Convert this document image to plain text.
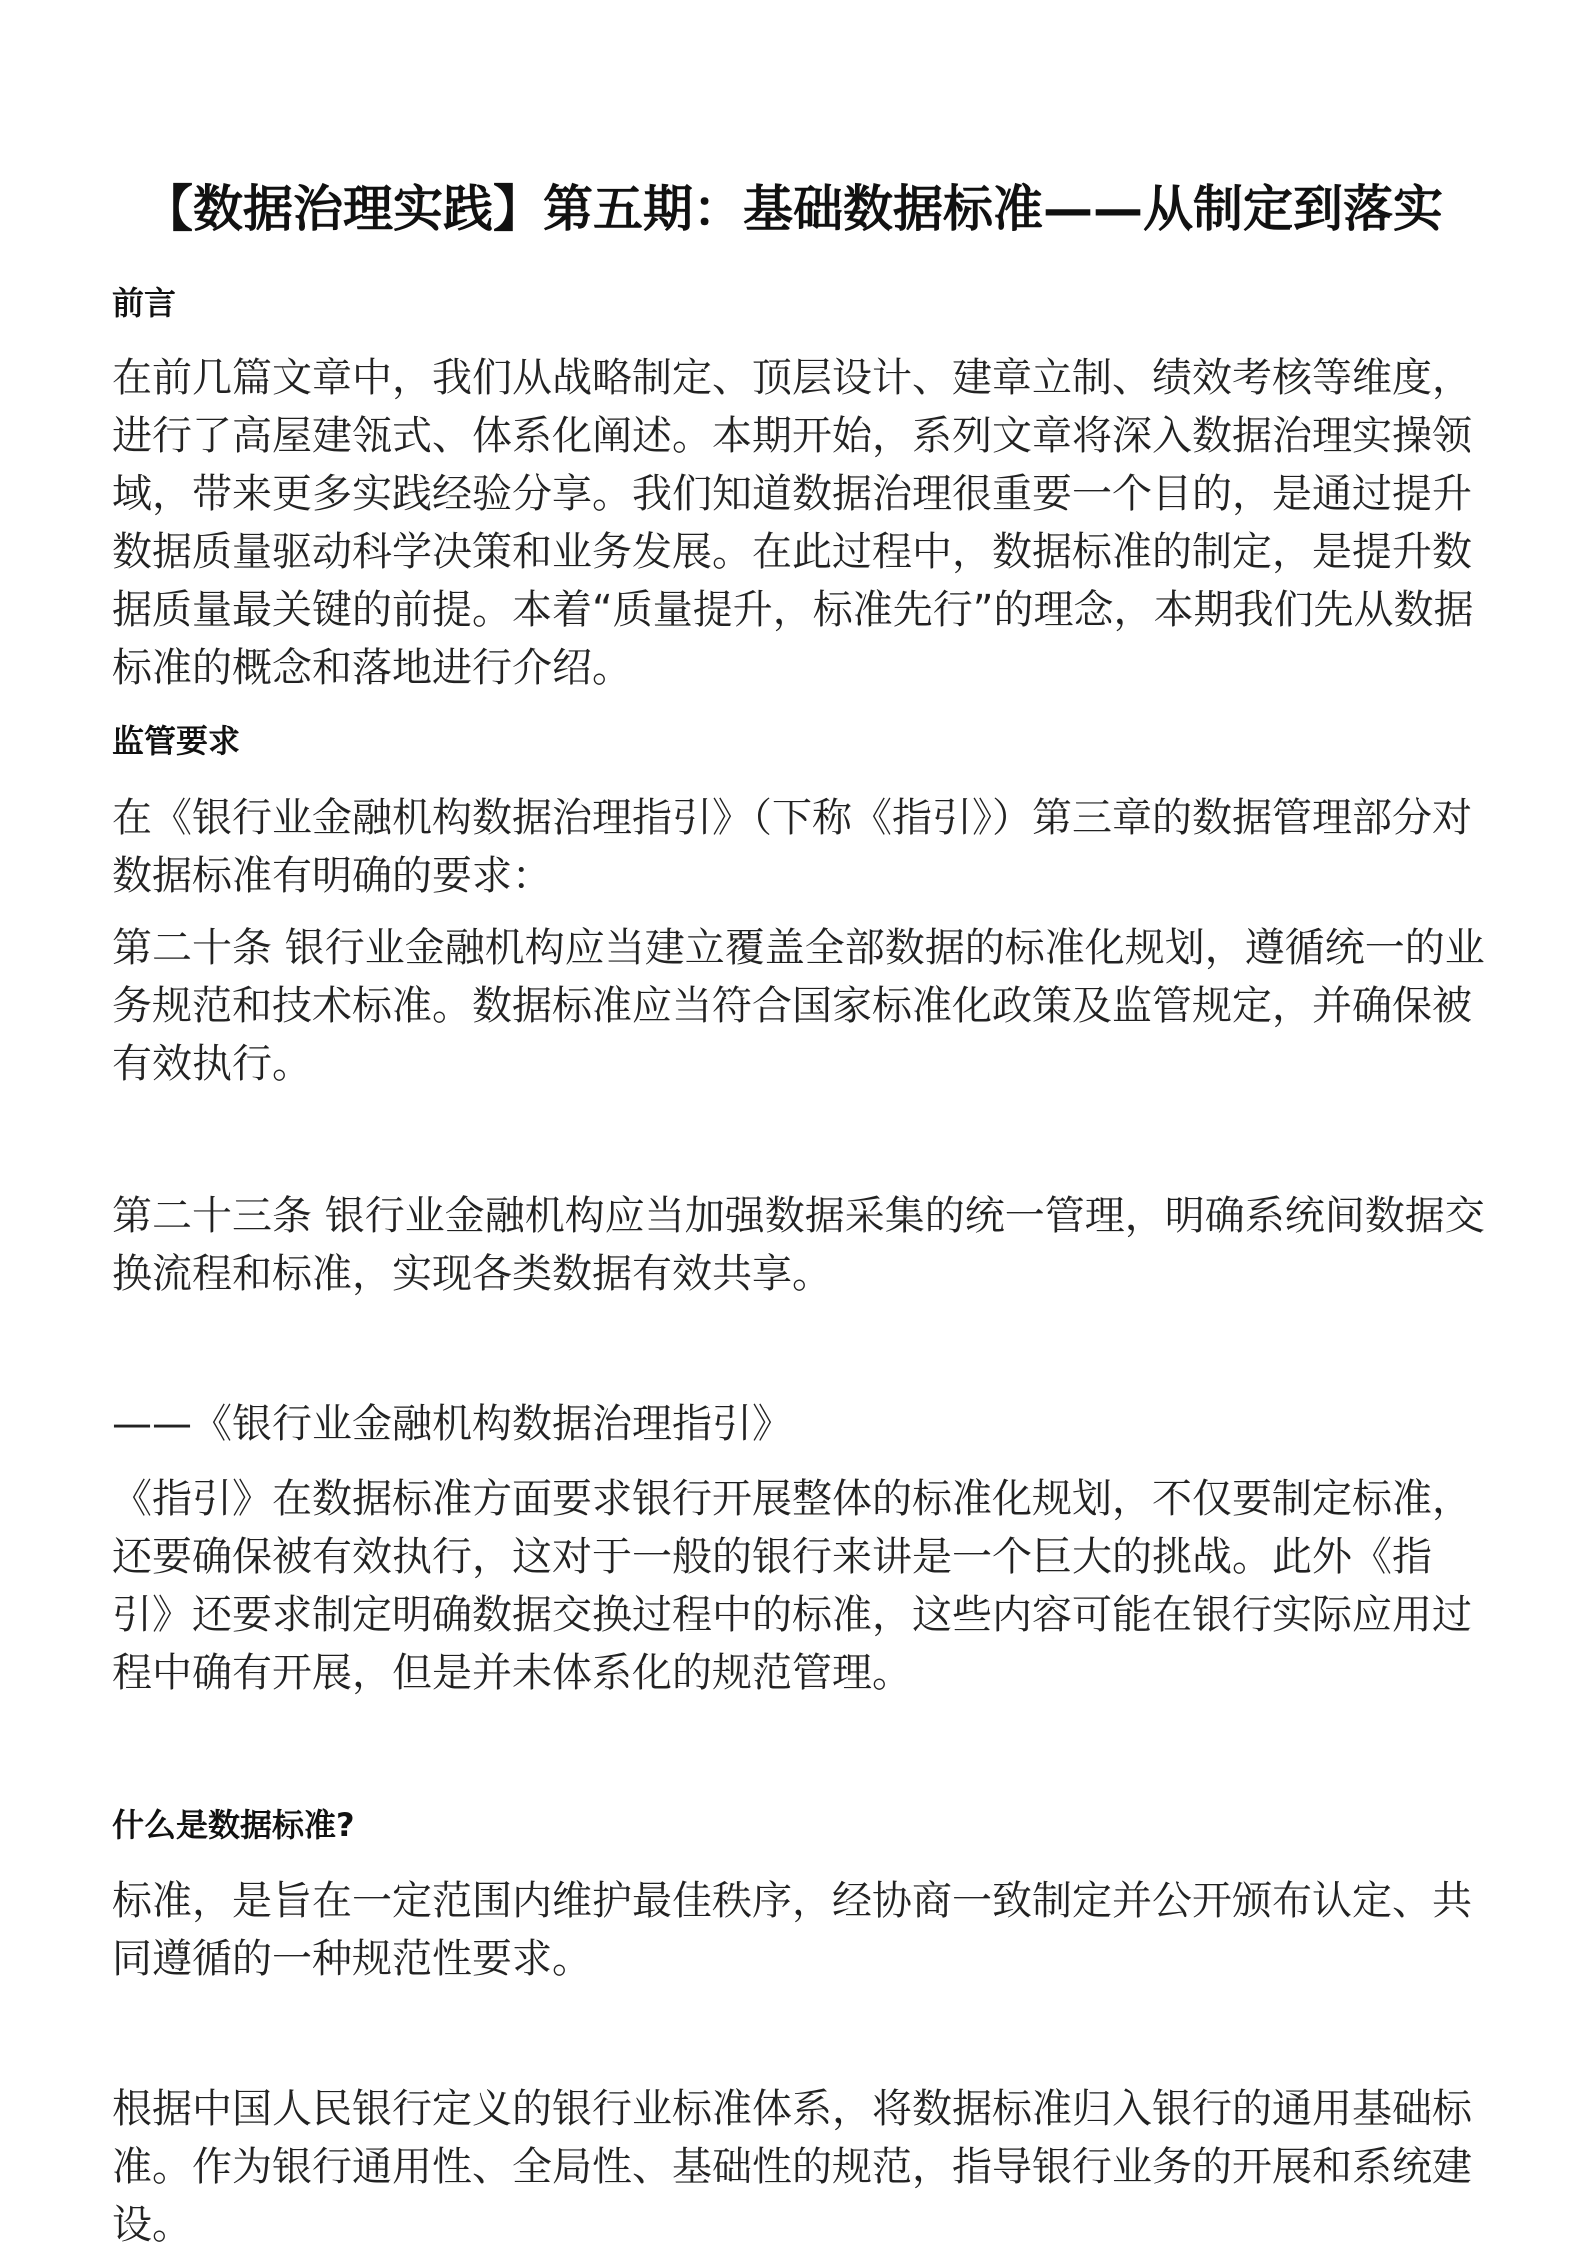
【数据治理实践】第五期：基础数据标准——从制定到落实
前言
在前几篇文章中，我们从战略制定、顶层设计、建章立制、绩效考核等维度，进行了高屋建瓴式、体系化阐述。本期开始，系列文章将深入数据治理实操领域，带来更多实践经验分享。我们知道数据治理很重要一个目的，是通过提升数据质量驱动科学决策和业务发展。在此过程中，数据标准的制定，是提升数据质量最关键的前提。本着“质量提升，标准先行”的理念，本期我们先从数据标准的概念和落地进行介绍。
监管要求
在《银行业金融机构数据治理指引》（下称《指引》）第三章的数据管理部分对数据标准有明确的要求：
第二十条 银行业金融机构应当建立覆盖全部数据的标准化规划，遵循统一的业务规范和技术标准。数据标准应当符合国家标准化政策及监管规定，并确保被有效执行。
第二十三条 银行业金融机构应当加强数据采集的统一管理，明确系统间数据交换流程和标准，实现各类数据有效共享。
——《银行业金融机构数据治理指引》
《指引》在数据标准方面要求银行开展整体的标准化规划，不仅要制定标准，还要确保被有效执行，这对于一般的银行来讲是一个巨大的挑战。此外《指引》还要求制定明确数据交换过程中的标准，这些内容可能在银行实际应用过程中确有开展，但是并未体系化的规范管理。
什么是数据标准?
标准，是旨在一定范围内维护最佳秩序，经协商一致制定并公开颁布认定、共同遵循的一种规范性要求。
根据中国人民银行定义的银行业标准体系，将数据标准归入银行的通用基础标准。作为银行通用性、全局性、基础性的规范，指导银行业务的开展和系统建设。
